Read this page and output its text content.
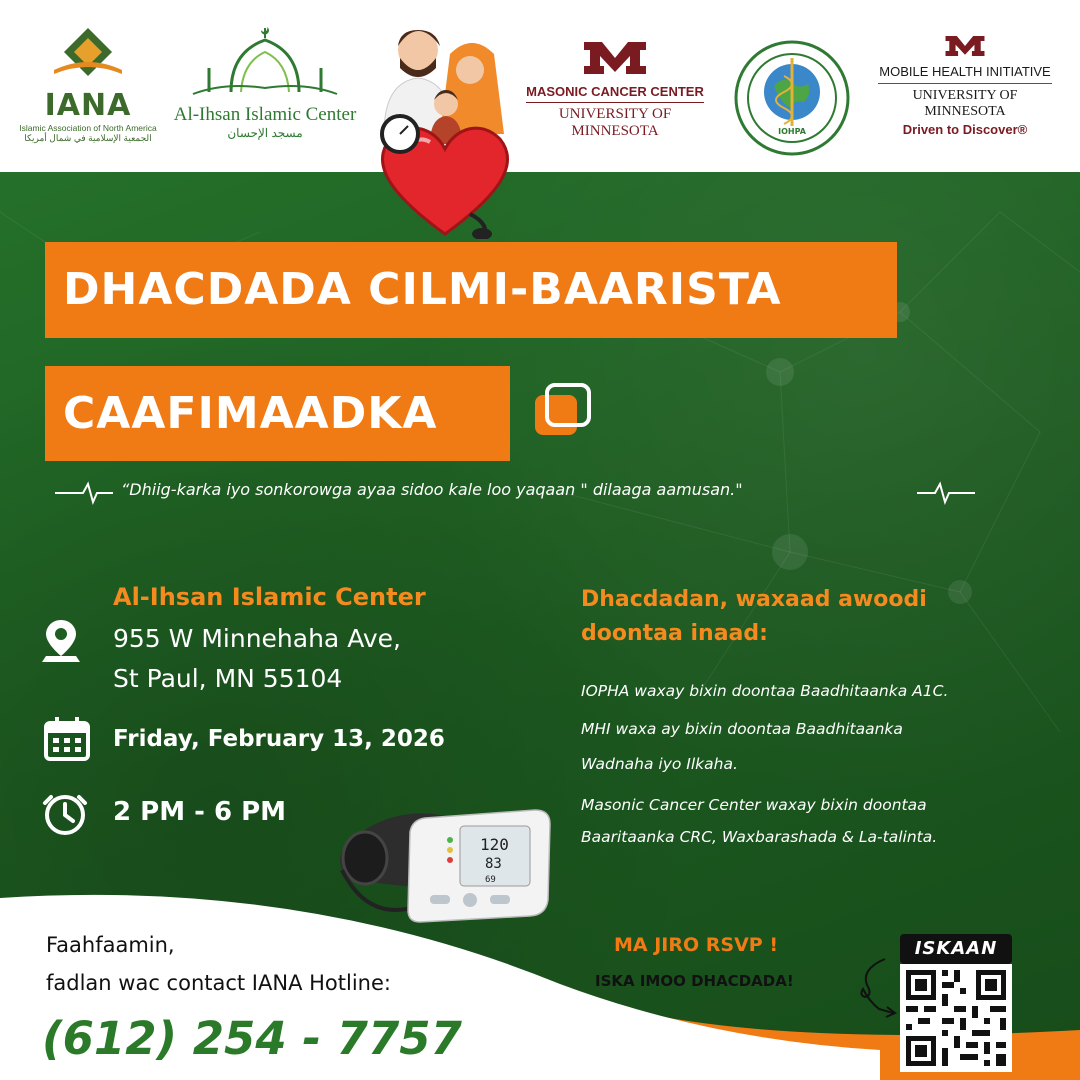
IANA
Islamic Association of North America
الجمعية الإسلامية في شمال أمريكا
Al-Ihsan Islamic Center
مسجد الإحسان
MASONIC CANCER CENTER
UNIVERSITY OF MINNESOTA	IOHPA
MOBILE HEALTH INITIATIVE
UNIVERSITY OF MINNESOTA
Driven to Discover®
DHACDADA CILMI-BAARISTA
CAAFIMAADKA
“Dhiig-karka iyo sonkorowga ayaa sidoo kale loo yaqaan " dilaaga aamusan."
Al-Ihsan Islamic Center
955 W Minnehaha Ave,
St Paul, MN 55104
Friday, February 13, 2026
2 PM - 6 PM
Dhacdadan, waxaad awoodi
doontaa inaad:
IOPHA waxay bixin doontaa Baadhitaanka A1C.
MHI waxa ay bixin doontaa Baadhitaanka
Wadnaha iyo Ilkaha.
Masonic Cancer Center waxay bixin doontaa
Baaritaanka CRC, Waxbarashada & La-talinta.
120
83
69
Faahfaamin,
fadlan wac contact IANA Hotline:
(612) 254 - 7757
MA JIRO RSVP !
ISKA IMOO DHACDADA!
ISKAAN
